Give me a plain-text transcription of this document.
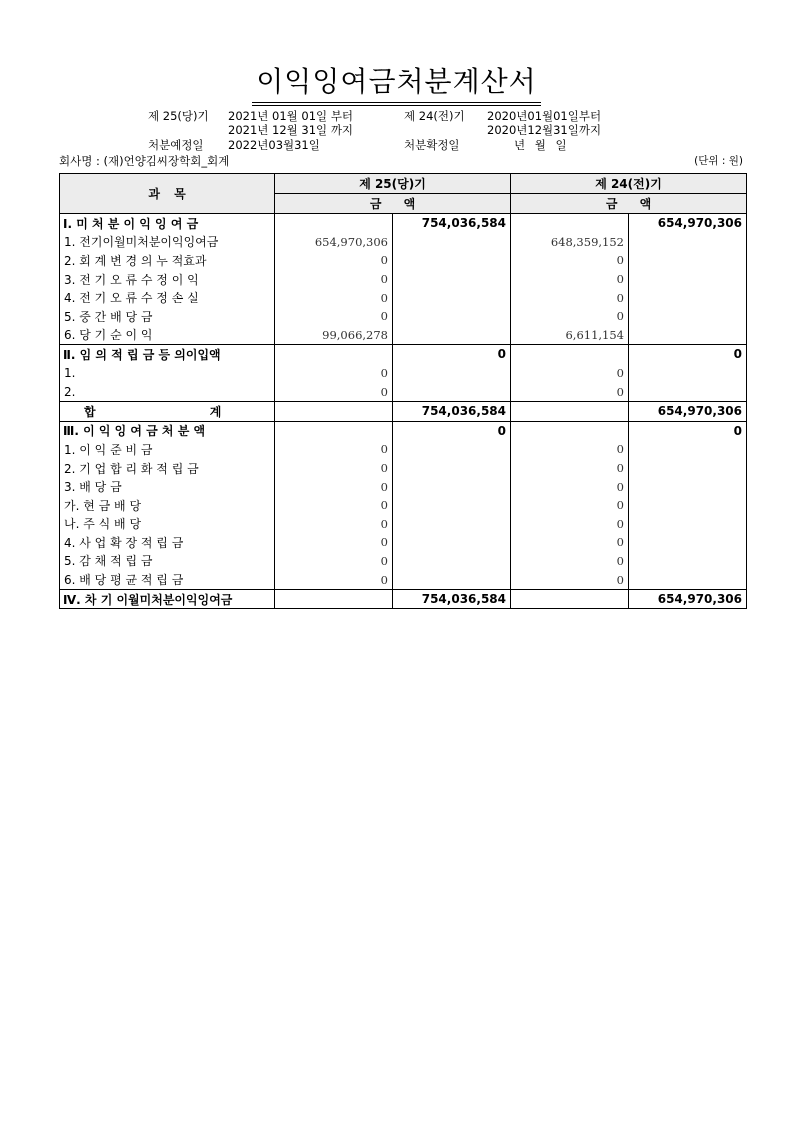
이익잉여금처분계산서
제 25(당)기 2021년 01월 01일 부터
2021년 12월 31일 까지
제 24(전)기 2020년01월01일부터
2020년12월31일까지
처분예정일 2022년03월31일	처분확정일	년 월 일
회사명 : (재)언양김씨장학회_회계	(단위 : 원)
과 목	제 25(당)기		제 24(전)기	
	금 액		금 액	
Ⅰ. 미 처 분 이 익 잉 여 금		754,036,584		654,970,306
1. 전기이월미처분이익잉여금	654,970,306		648,359,152	
2. 회 계 변 경 의 누 적효과	0		0	
3. 전 기 오 류 수 정 이 익	0		0	
4. 전 기 오 류 수 정 손 실	0		0	
5. 중 간 배 당 금	0		0	
6. 당 기 순 이 익	99,066,278		6,611,154	
Ⅱ. 임 의 적 립 금 등 의이입액		0		0
1.	0		0	
2.	0		0	
합 계		754,036,584		654,970,306
Ⅲ. 이 익 잉 여 금 처 분 액		0		0
1. 이 익 준 비 금	0		0	
2. 기 업 합 리 화 적 립 금	0		0	
3. 배 당 금	0		0	
가. 현 금 배 당	0		0	
나. 주 식 배 당	0		0	
4. 사 업 확 장 적 립 금	0		0	
5. 감 채 적 립 금	0		0	
6. 배 당 평 균 적 립 금	0		0	
Ⅳ. 차 기 이월미처분이익잉여금		754,036,584		654,970,306
